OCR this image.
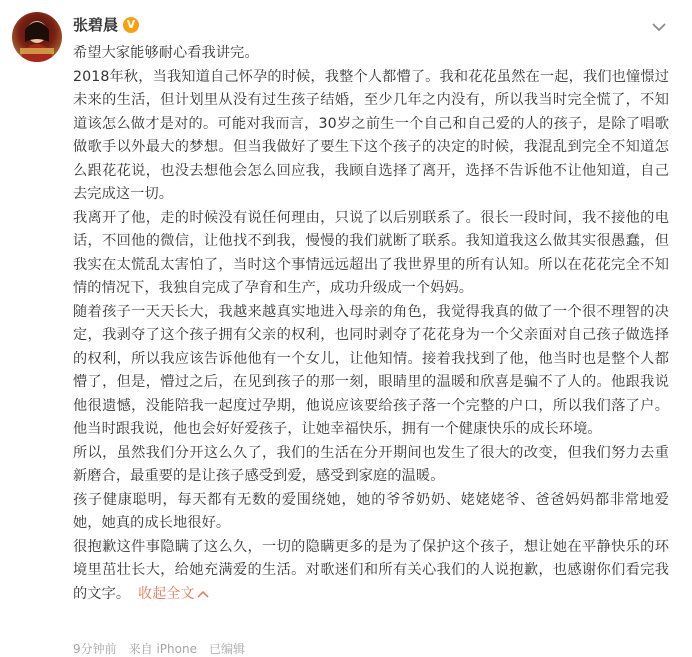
张碧晨 V

希望大家能够耐心看我讲完。

2018年秋，当我知道自己怀孕的时候，我整个人都懵了。我和花花虽然在一起，我们也憧憬过未来的生活，但计划里从没有过生孩子结婚，至少几年之内没有，所以我当时完全慌了，不知道该怎么做才是对的。可能对我而言，30岁之前生一个自己和自己爱的人的孩子，是除了唱歌做歌手以外最大的梦想。但当我做好了要生下这个孩子的决定的时候，我混乱到完全不知道怎么跟花花说，也没去想他会怎么回应我，我顾自选择了离开，选择不告诉他不让他知道，自己去完成这一切。

我离开了他，走的时候没有说任何理由，只说了以后别联系了。很长一段时间，我不接他的电话，不回他的微信，让他找不到我，慢慢的我们就断了联系。我知道我这么做其实很愚蠢，但我实在太慌乱太害怕了，当时这个事情远远超出了我世界里的所有认知。所以在花花完全不知情的情况下，我独自完成了孕育和生产，成功升级成一个妈妈。

随着孩子一天天长大，我越来越真实地进入母亲的角色，我觉得我真的做了一个很不理智的决定，我剥夺了这个孩子拥有父亲的权利，也同时剥夺了花花身为一个父亲面对自己孩子做选择的权利，所以我应该告诉他他有一个女儿，让他知情。接着我找到了他，他当时也是整个人都懵了，但是，懵过之后，在见到孩子的那一刻，眼睛里的温暖和欣喜是骗不了人的。他跟我说他很遗憾，没能陪我一起度过孕期，他说应该要给孩子落一个完整的户口，所以我们落了户。他当时跟我说，他也会好好爱孩子，让她幸福快乐，拥有一个健康快乐的成长环境。

所以，虽然我们分开这么久了，我们的生活在分开期间也发生了很大的改变，但我们努力去重新磨合，最重要的是让孩子感受到爱，感受到家庭的温暖。

孩子健康聪明，每天都有无数的爱围绕她，她的爷爷奶奶、姥姥姥爷、爸爸妈妈都非常地爱她，她真的成长地很好。

很抱歉这件事隐瞒了这么久，一切的隐瞒更多的是为了保护这个孩子，想让她在平静快乐的环境里茁壮长大，给她充满爱的生活。对歌迷们和所有关心我们的人说抱歉，也感谢你们看完我的文字。 收起全文

9分钟前 来自 iPhone 已编辑
